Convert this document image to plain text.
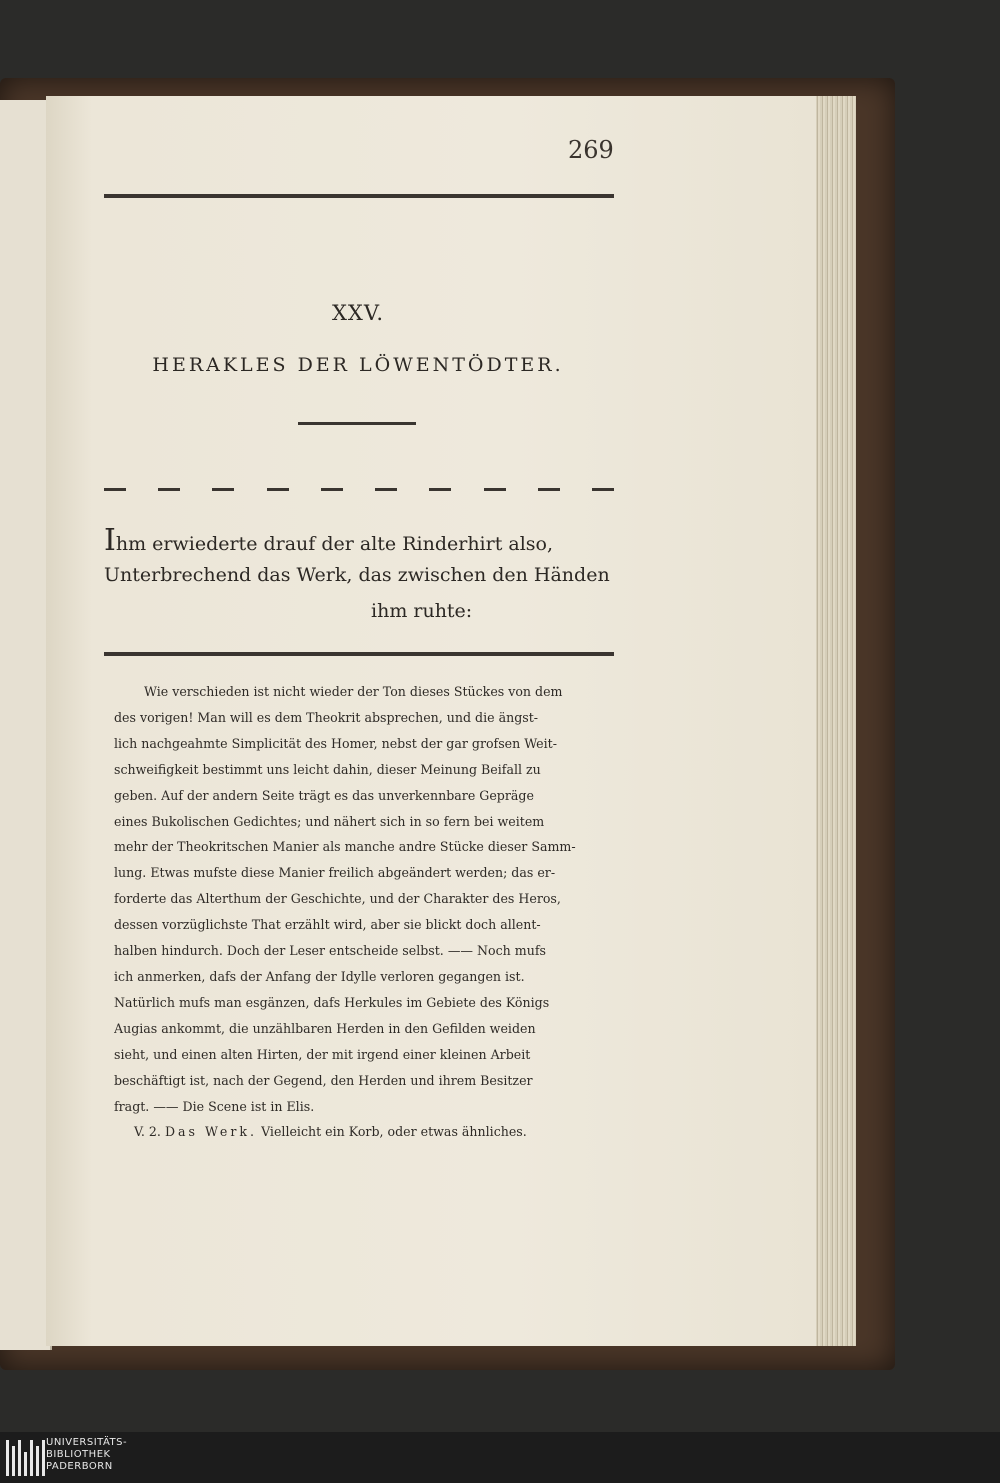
269
XXV.
HERAKLES DER LÖWENTÖDTER.
Ihm erwiederte drauf der alte Rinderhirt also,
Unterbrechend das Werk, das zwischen den Händen
ihm ruhte:
Wie verschieden ist nicht wieder der Ton dieses Stückes von dem
des vorigen! Man will es dem Theokrit absprechen, und die ängst-
lich nachgeahmte Simplicität des Homer, nebst der gar grofsen Weit-
schweifigkeit bestimmt uns leicht dahin, dieser Meinung Beifall zu
geben. Auf der andern Seite trägt es das unverkennbare Gepräge
eines Bukolischen Gedichtes; und nähert sich in so fern bei weitem
mehr der Theokritschen Manier als manche andre Stücke dieser Samm-
lung. Etwas mufste diese Manier freilich abgeändert werden; das er-
forderte das Alterthum der Geschichte, und der Charakter des Heros,
dessen vorzüglichste That erzählt wird, aber sie blickt doch allent-
halben hindurch. Doch der Leser entscheide selbst. —— Noch mufs
ich anmerken, dafs der Anfang der Idylle verloren gegangen ist.
Natürlich mufs man esgänzen, dafs Herkules im Gebiete des Königs
Augias ankommt, die unzählbaren Herden in den Gefilden weiden
sieht, und einen alten Hirten, der mit irgend einer kleinen Arbeit
beschäftigt ist, nach der Gegend, den Herden und ihrem Besitzer
fragt. —— Die Scene ist in Elis.
V. 2. Das Werk. Vielleicht ein Korb, oder etwas ähnliches.
UNIVERSITÄTS-
BIBLIOTHEK
PADERBORN
